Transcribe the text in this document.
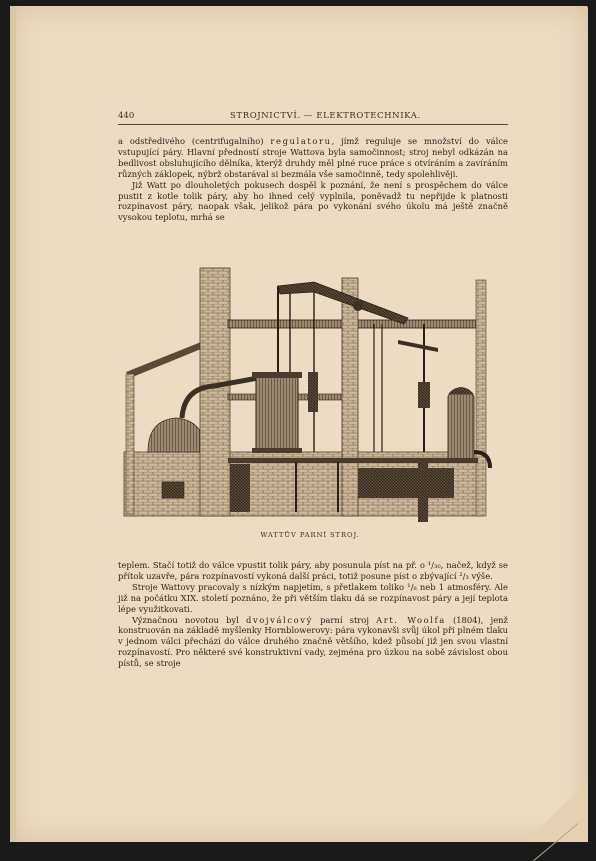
440	STROJNICTVÍ. — ELEKTROTECHNIKA.

a odstředivého (centrifugalního) regulatoru, jímž reguluje se množství do válce vstupující páry. Hlavní předností stroje Wattova byla samočinnost; stroj nebyl odkázán na bedlivost obsluhujícího dělníka, kterýž druhdy měl plné ruce práce s otvíráním a zavíráním různých záklopek, nýbrž obstarával si bezmála vše samočinně, tedy spolehlivěji.

Již Watt po dlouholetých pokusech dospěl k poznání, že není s prospěchem do válce pustit z kotle tolik páry, aby ho ihned celý vyplnila, poněvadž tu nepřijde k platnosti rozpínavost páry, naopak však, jelikož pára po vykonání svého úkolu má ještě značně vysokou teplotu, mrhá se

WATTŮV PARNÍ STROJ.

teplem. Stačí totiž do válce vpustit tolik páry, aby posunula píst na př. o ¹/₃₀, načež, když se přítok uzavře, pára rozpínavostí vykoná další práci, totiž posune píst o zbývající ²/₃ výše.

Stroje Wattovy pracovaly s nízkým napjetím, s přetlakem toliko ¹/₈ neb 1 atmosféry. Ale již na počátku XIX. století poznáno, že při větším tlaku dá se rozpínavost páry a její teplota lépe využitkovati.

Význačnou novotou byl dvojválcový parní stroj Art. Woolfa (1804), jenž konstruován na základě myšlenky Hornblowerovy: pára vykonavši svůj úkol při plném tlaku v jednom válci přechází do válce druhého značně většího, kdež působí již jen svou vlastní rozpínavostí. Pro některé své konstruktivní vady, zejména pro úzkou na sobě závislost obou pístů, se stroje
